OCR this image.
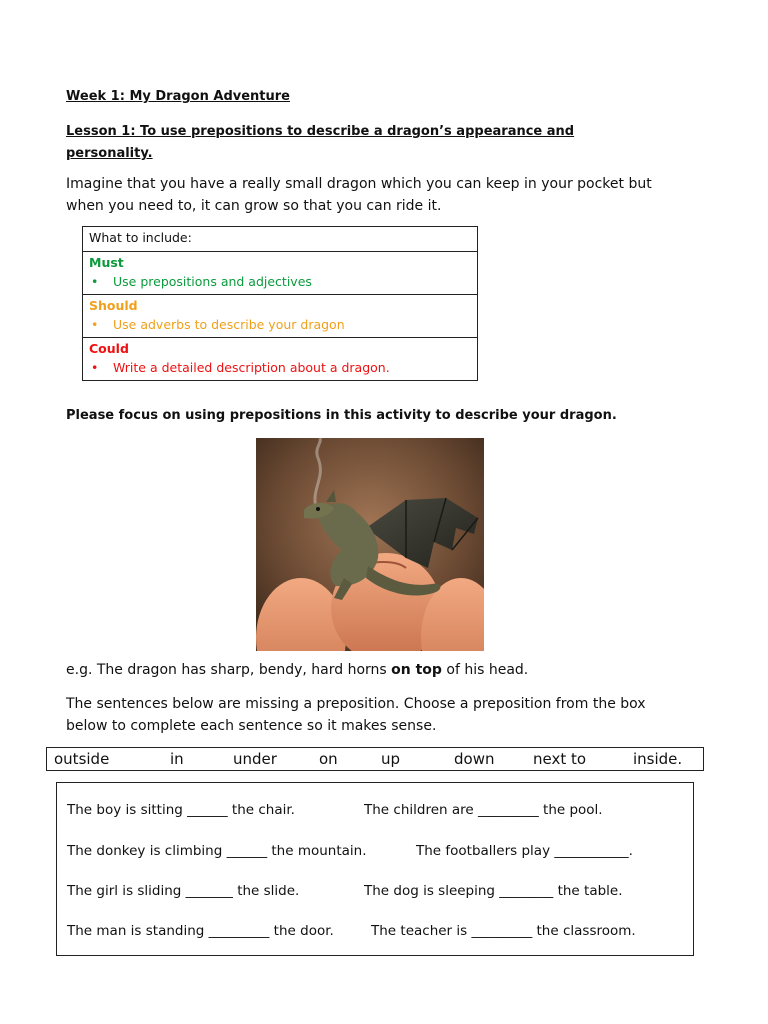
Week 1: My Dragon Adventure
Lesson 1: To use prepositions to describe a dragon’s appearance and personality.
Imagine that you have a really small dragon which you can keep in your pocket but when you need to, it can grow so that you can ride it.
What to include:
Must
• Use prepositions and adjectives
Should
• Use adverbs to describe your dragon
Could
• Write a detailed description about a dragon.
Please focus on using prepositions in this activity to describe your dragon.
e.g. The dragon has sharp, bendy, hard horns on top of his head.
The sentences below are missing a preposition. Choose a preposition from the box below to complete each sentence so it makes sense.
outside	in	under	on	up	down	next to	inside.
The boy is sitting ______ the chair.	The children are _________ the pool.
The donkey is climbing ______ the mountain.	The footballers play ___________.
The girl is sliding _______ the slide.	The dog is sleeping ________ the table.
The man is standing _________ the door.	The teacher is _________ the classroom.
